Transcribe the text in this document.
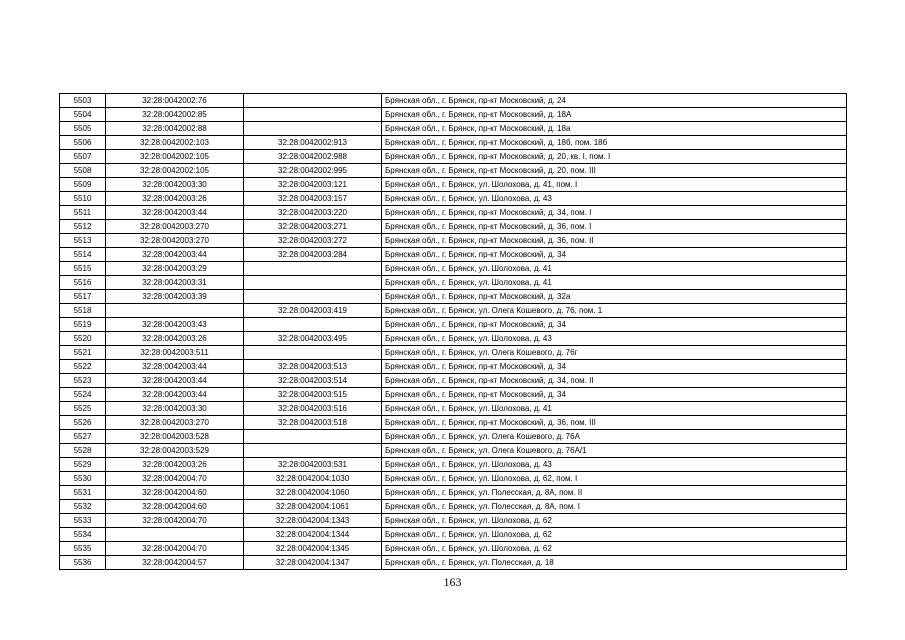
5503	32:28:0042002:76		Брянская обл., г. Брянск, пр-кт Московский, д. 24
5504	32:28:0042002:85		Брянская обл., г. Брянск, пр-кт Московский, д. 18А
5505	32:28:0042002:88		Брянская обл., г. Брянск, пр-кт Московский, д. 18а
5506	32:28:0042002:103	32:28:0042002:913	Брянская обл., г. Брянск, пр-кт Московский, д. 18б, пом. 18б
5507	32:28:0042002:105	32:28:0042002:988	Брянская обл., г. Брянск, пр-кт Московский, д. 20, кв. I, пом. I
5508	32:28:0042002:105	32:28:0042002:995	Брянская обл., г. Брянск, пр-кт Московский, д. 20, пом. III
5509	32:28:0042003:30	32:28:0042003:121	Брянская обл., г. Брянск, ул. Шолохова, д. 41, пом. I
5510	32:28:0042003:26	32:28:0042003:157	Брянская обл., г. Брянск, ул. Шолохова, д. 43
5511	32:28:0042003:44	32:28:0042003:220	Брянская обл., г. Брянск, пр-кт Московский, д. 34, пом. I
5512	32:28:0042003:270	32:28:0042003:271	Брянская обл., г. Брянск, пр-кт Московский, д. 36, пом. I
5513	32:28:0042003:270	32:28:0042003:272	Брянская обл., г. Брянск, пр-кт Московский, д. 36, пом. II
5514	32:28:0042003:44	32:28:0042003:284	Брянская обл., г. Брянск, пр-кт Московский, д. 34
5515	32:28:0042003:29		Брянская обл., г. Брянск, ул. Шолохова, д. 41
5516	32:28:0042003:31		Брянская обл., г. Брянск, ул. Шолохова, д. 41
5517	32:28:0042003:39		Брянская обл., г. Брянск, пр-кт Московский, д. 32а
5518		32:28:0042003:419	Брянская обл., г. Брянск, ул. Олега Кошевого, д. 76, пом. 1
5519	32:28:0042003:43		Брянская обл., г. Брянск, пр-кт Московский, д. 34
5520	32:28:0042003:26	32:28:0042003:495	Брянская обл., г. Брянск, ул. Шолохова, д. 43
5521	32:28:0042003:511		Брянская обл., г. Брянск, ул. Олега Кошевого, д. 76г
5522	32:28:0042003:44	32:28:0042003:513	Брянская обл., г. Брянск, пр-кт Московский, д. 34
5523	32:28:0042003:44	32:28:0042003:514	Брянская обл., г. Брянск, пр-кт Московский, д. 34, пом. II
5524	32:28:0042003:44	32:28:0042003:515	Брянская обл., г. Брянск, пр-кт Московский, д. 34
5525	32:28:0042003:30	32:28:0042003:516	Брянская обл., г. Брянск, ул. Шолохова, д. 41
5526	32:28:0042003:270	32:28:0042003:518	Брянская обл., г. Брянск, пр-кт Московский, д. 36, пом. III
5527	32:28:0042003:528		Брянская обл., г. Брянск, ул. Олега Кошевого, д. 76А
5528	32:28:0042003:529		Брянская обл., г. Брянск, ул. Олега Кошевого, д. 76А/1
5529	32:28:0042003:26	32:28:0042003:531	Брянская обл., г. Брянск, ул. Шолохова, д. 43
5530	32:28:0042004:70	32:28:0042004:1030	Брянская обл., г. Брянск, ул. Шолохова, д. 62, пом. I
5531	32:28:0042004:60	32:28:0042004:1060	Брянская обл., г. Брянск, ул. Полесская, д. 8А, пом. II
5532	32:28:0042004:60	32:28:0042004:1061	Брянская обл., г. Брянск, ул. Полесская, д. 8А, пом. I
5533	32:28:0042004:70	32:28:0042004:1343	Брянская обл., г. Брянск, ул. Шолохова, д. 62
5534		32:28:0042004:1344	Брянская обл., г. Брянск, ул. Шолохова, д. 62
5535	32:28:0042004:70	32:28:0042004:1345	Брянская обл., г. Брянск, ул. Шолохова, д. 62
5536	32:28:0042004:57	32:28:0042004:1347	Брянская обл., г. Брянск, ул. Полесская, д. 18
163
